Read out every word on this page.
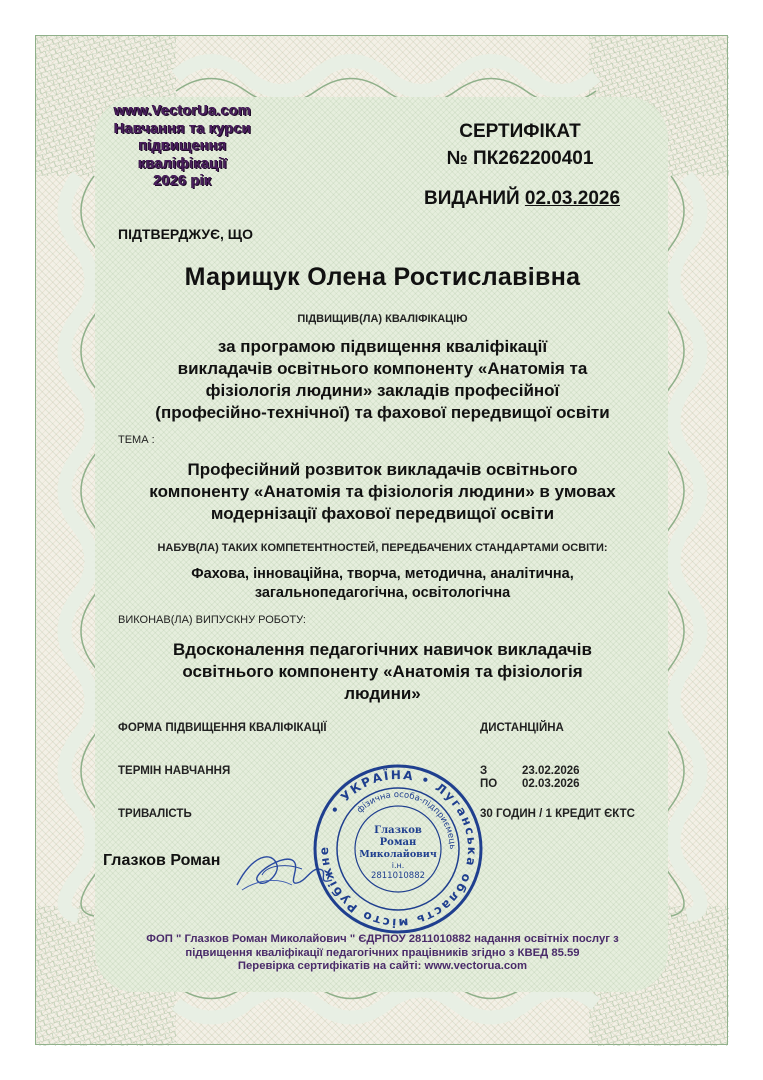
www.VectorUa.com
Навчання та курси
підвищення
кваліфікації
2026 рік
СЕРТИФІКАТ
№ ПК262200401
ВИДАНИЙ 02.03.2026
ПІДТВЕРДЖУЄ, ЩО
Марищук Олена Ростиславівна
ПІДВИЩИВ(ЛА) КВАЛІФІКАЦІЮ
за програмою підвищення кваліфікації
викладачів освітнього компоненту «Анатомія та
фізіологія людини» закладів професійної
(професійно-технічної) та фахової передвищої освіти
ТЕМА :
Професійний розвиток викладачів освітнього
компоненту «Анатомія та фізіологія людини» в умовах
модернізації фахової передвищої освіти
НАБУВ(ЛА) ТАКИХ КОМПЕТЕНТНОСТЕЙ, ПЕРЕДБАЧЕНИХ СТАНДАРТАМИ ОСВІТИ:
Фахова, інноваційна, творча, методична, аналітична,
загальнопедагогічна, освітологічна
ВИКОНАВ(ЛА) ВИПУСКНУ РОБОТУ:
Вдосконалення педагогічних навичок викладачів
освітнього компоненту «Анатомія та фізіологія
людини»
ФОРМА ПІДВИЩЕННЯ КВАЛІФІКАЦІЇ	ДИСТАНЦІЙНА
ТЕРМІН НАВЧАННЯ	З	23.02.2026
ПО 02.03.2026
ТРИВАЛІСТЬ	30 ГОДИН / 1 КРЕДИТ ЄКТС
Глазков Роман
• УКРАЇНА • Луганська область місто Рубіжне
фізична особа-підприємець
Глазков
Роман
Миколайович
і.н.
2811010882
ФОП " Глазков Роман Миколайович " ЄДРПОУ 2811010882 надання освітніх послуг з
підвищення кваліфікації педагогічних працівників згідно з КВЕД 85.59
Перевірка сертифікатів на сайті: www.vectorua.com
